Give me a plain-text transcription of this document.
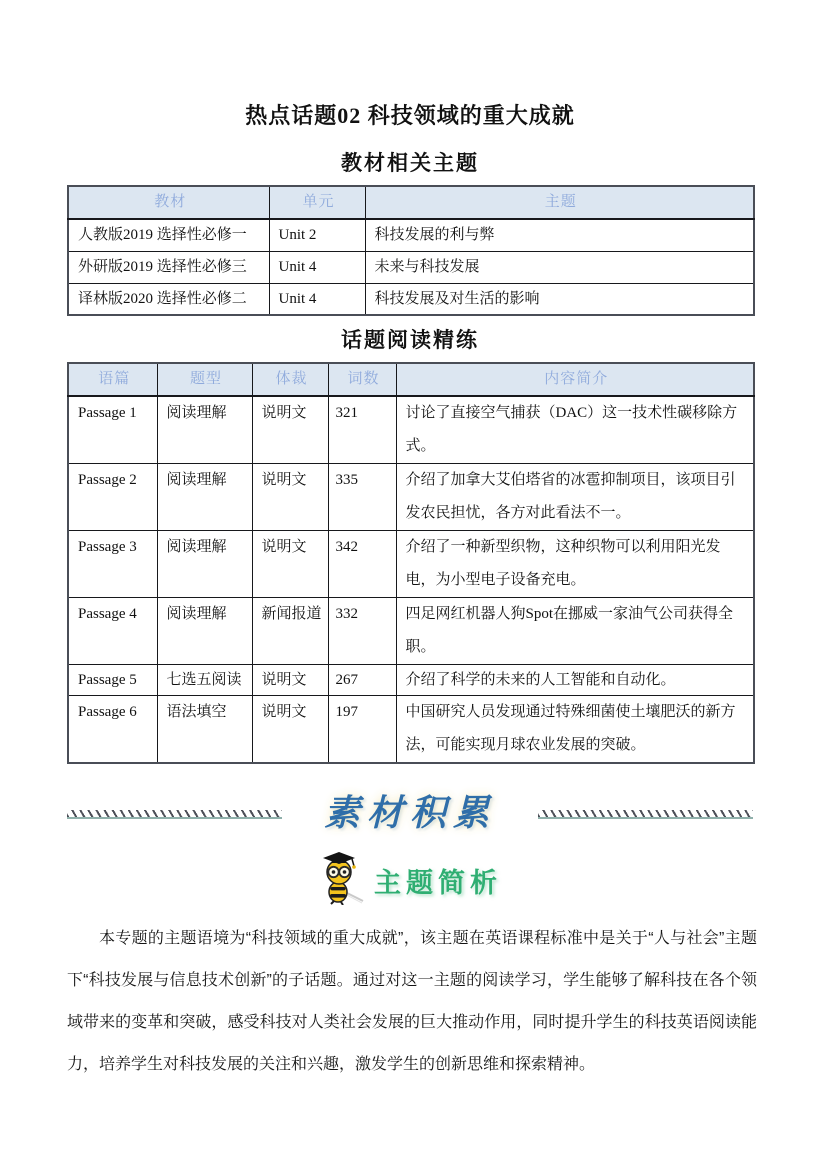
热点话题02 科技领域的重大成就
教材相关主题
教材	单元	主题
人教版2019 选择性必修一	Unit 2	科技发展的利与弊
外研版2019 选择性必修三	Unit 4	未来与科技发展
译林版2020 选择性必修二	Unit 4	科技发展及对生活的影响
话题阅读精练
语篇	题型	体裁	词数	内容简介
Passage 1	阅读理解	说明文	321	讨论了直接空气捕获（DAC）这一技术性碳移除方式。
Passage 2	阅读理解	说明文	335	介绍了加拿大艾伯塔省的冰雹抑制项目，该项目引发农民担忧，各方对此看法不一。
Passage 3	阅读理解	说明文	342	介绍了一种新型织物，这种织物可以利用阳光发电，为小型电子设备充电。
Passage 4	阅读理解	新闻报道	332	四足网红机器人狗Spot在挪威一家油气公司获得全职。
Passage 5	七选五阅读	说明文	267	介绍了科学的未来的人工智能和自动化。
Passage 6	语法填空	说明文	197	中国研究人员发现通过特殊细菌使土壤肥沃的新方法，可能实现月球农业发展的突破。
素材积累
主题简析

本专题的主题语境为“科技领域的重大成就”，该主题在英语课程标准中是关于“人与社会”主题下“科技发展与信息技术创新”的子话题。通过对这一主题的阅读学习，学生能够了解科技在各个领域带来的变革和突破，感受科技对人类社会发展的巨大推动作用，同时提升学生的科技英语阅读能力，培养学生对科技发展的关注和兴趣，激发学生的创新思维和探索精神。
